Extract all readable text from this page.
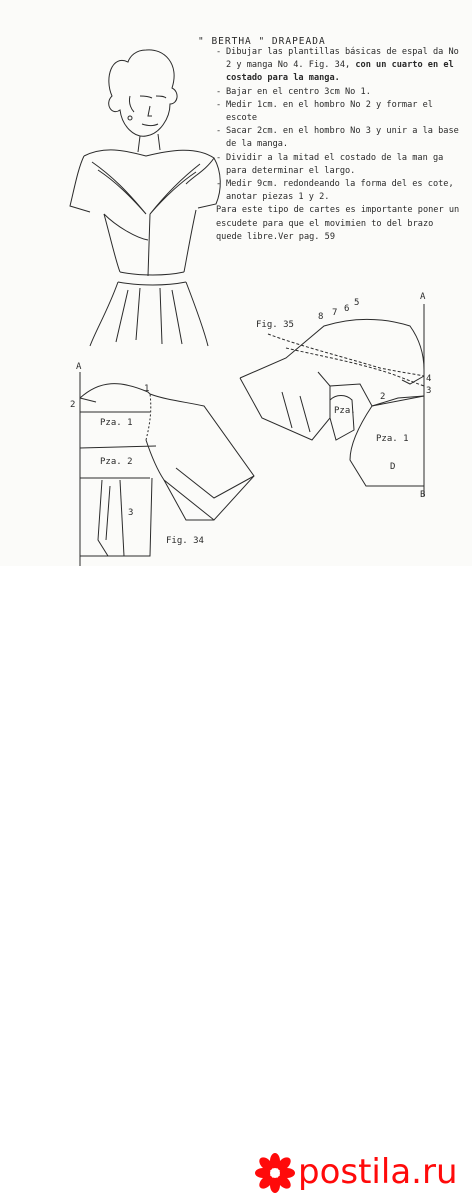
" BERTHA " DRAPEADA
- Dibujar las plantillas básicas de espal da No 2 y manga No 4. Fig. 34, con un cuarto en el costado para la manga.
- Bajar en el centro 3cm No 1.
- Medir 1cm. en el hombro No 2 y formar el escote
- Sacar 2cm. en el hombro No 3 y unir a la base de la manga.
- Dividir a la mitad el costado de la man ga para determinar el largo.
- Medir 9cm. redondeando la forma del es cote, anotar piezas 1 y 2.
Para este tipo de cartes es importante poner un escudete para que el movimien to del brazo quede libre.Ver pag. 59
A
2
1
Pza. 1
Pza. 2
3
Fig. 34
Fig. 35
A
8 7 6
5
4
3
2
Pza.
Pza. 1
D
B
postila.ru
